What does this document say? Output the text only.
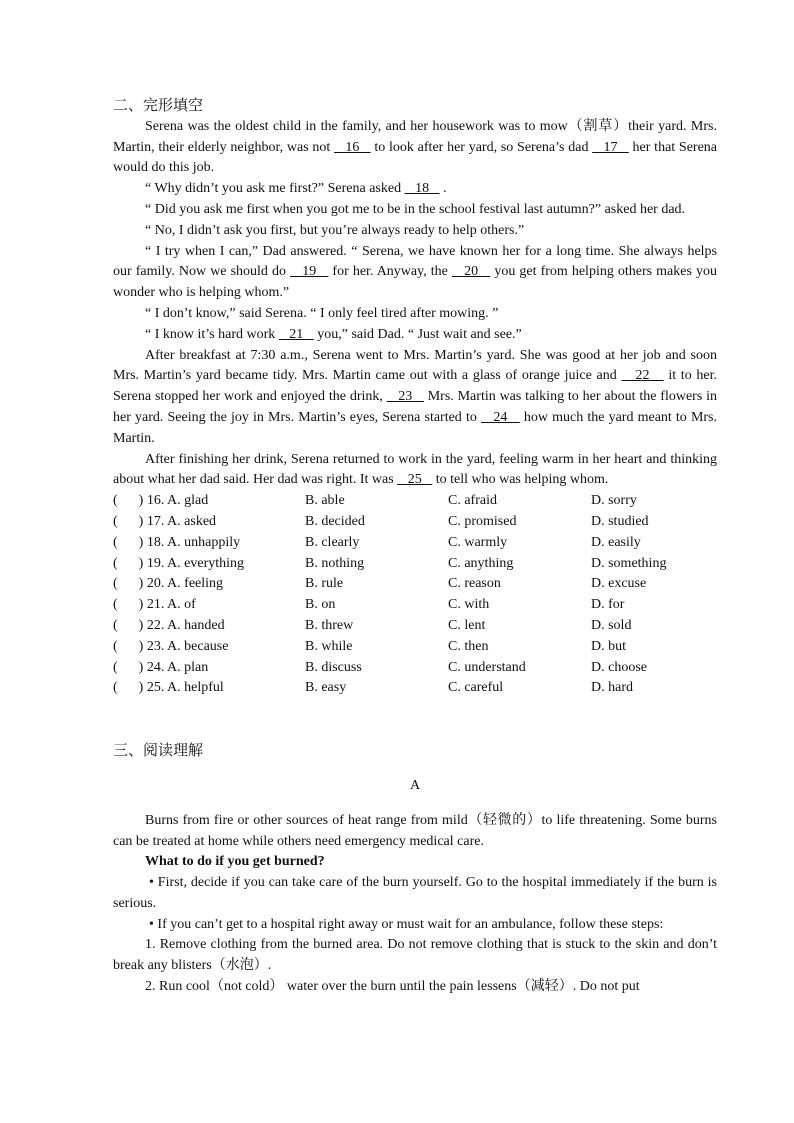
二、完形填空

Serena was the oldest child in the family, and her housework was to mow（割草）their yard. Mrs. Martin, their elderly neighbor, was not    16    to look after her yard, so Serena’s dad    17    her that Serena would do this job.

“ Why didn’t you ask me first?” Serena asked    18    .

“ Did you ask me first when you got me to be in the school festival last autumn?” asked her dad.

“ No, I didn’t ask you first, but you’re always ready to help others.”

“ I try when I can,” Dad answered. “ Serena, we have known her for a long time. She always helps our family. Now we should do    19    for her. Anyway, the    20    you get from helping others makes you wonder who is helping whom.”

“ I don’t know,” said Serena. “ I only feel tired after mowing. ”

“ I know it’s hard work    21    you,” said Dad. “ Just wait and see.”

After breakfast at 7:30 a.m., Serena went to Mrs. Martin’s yard. She was good at her job and soon Mrs. Martin’s yard became tidy. Mrs. Martin came out with a glass of orange juice and    22    it to her. Serena stopped her work and enjoyed the drink,    23    Mrs. Martin was talking to her about the flowers in her yard. Seeing the joy in Mrs. Martin’s eyes, Serena started to    24    how much the yard meant to Mrs. Martin.

After finishing her drink, Serena returned to work in the yard, feeling warm in her heart and thinking about what her dad said. Her dad was right. It was    25    to tell who was helping whom.

(      ) 16. A. glad	B. able	C. afraid	D. sorry
(      ) 17. A. asked	B. decided	C. promised	D. studied
(      ) 18. A. unhappily	B. clearly	C. warmly	D. easily
(      ) 19. A. everything	B. nothing	C. anything	D. something
(      ) 20. A. feeling	B. rule	C. reason	D. excuse
(      ) 21. A. of	B. on	C. with	D. for
(      ) 22. A. handed	B. threw	C. lent	D. sold
(      ) 23. A. because	B. while	C. then	D. but
(      ) 24. A. plan	B. discuss	C. understand	D. choose
(      ) 25. A. helpful	B. easy	C. careful	D. hard

三、阅读理解

A

Burns from fire or other sources of heat range from mild（轻微的）to life threatening. Some burns can be treated at home while others need emergency medical care.

What to do if you get burned?

• First, decide if you can take care of the burn yourself. Go to the hospital immediately if the burn is serious.

• If you can’t get to a hospital right away or must wait for an ambulance, follow these steps:

1. Remove clothing from the burned area. Do not remove clothing that is stuck to the skin and don’t break any blisters（水泡）.

2. Run cool（not cold） water over the burn until the pain lessens（减轻）. Do not put
